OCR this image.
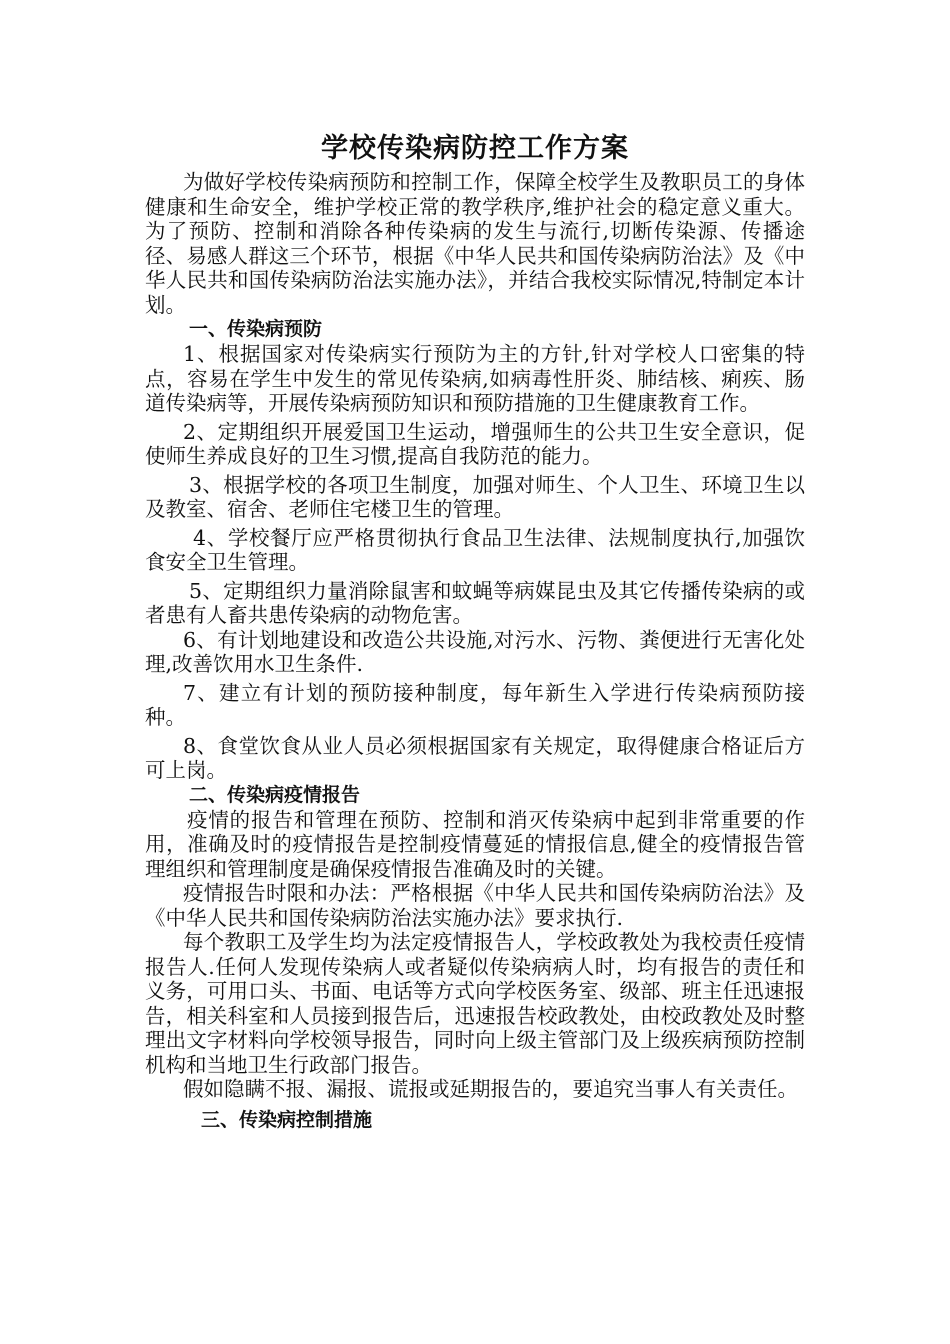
学校传染病防控工作方案

为做好学校传染病预防和控制工作，保障全校学生及教职员工的身体健康和生命安全，维护学校正常的教学秩序,维护社会的稳定意义重大。为了预防、控制和消除各种传染病的发生与流行,切断传染源、传播途径、易感人群这三个环节，根据《中华人民共和国传染病防治法》及《中华人民共和国传染病防治法实施办法》，并结合我校实际情况,特制定本计划。

一、传染病预防

1、根据国家对传染病实行预防为主的方针,针对学校人口密集的特点，容易在学生中发生的常见传染病,如病毒性肝炎、肺结核、痢疾、肠道传染病等，开展传染病预防知识和预防措施的卫生健康教育工作。

2、定期组织开展爱国卫生运动，增强师生的公共卫生安全意识，促使师生养成良好的卫生习惯,提高自我防范的能力。

3、根据学校的各项卫生制度，加强对师生、个人卫生、环境卫生以及教室、宿舍、老师住宅楼卫生的管理。

4、学校餐厅应严格贯彻执行食品卫生法律、法规制度执行,加强饮食安全卫生管理。

5、定期组织力量消除鼠害和蚊蝇等病媒昆虫及其它传播传染病的或者患有人畜共患传染病的动物危害。

6、有计划地建设和改造公共设施,对污水、污物、粪便进行无害化处理,改善饮用水卫生条件.

7、建立有计划的预防接种制度，每年新生入学进行传染病预防接种。

8、食堂饮食从业人员必须根据国家有关规定，取得健康合格证后方可上岗。

二、传染病疫情报告

疫情的报告和管理在预防、控制和消灭传染病中起到非常重要的作用，准确及时的疫情报告是控制疫情蔓延的情报信息,健全的疫情报告管理组织和管理制度是确保疫情报告准确及时的关键。

疫情报告时限和办法：严格根据《中华人民共和国传染病防治法》及《中华人民共和国传染病防治法实施办法》要求执行.

每个教职工及学生均为法定疫情报告人，学校政教处为我校责任疫情报告人.任何人发现传染病人或者疑似传染病病人时，均有报告的责任和义务，可用口头、书面、电话等方式向学校医务室、级部、班主任迅速报告，相关科室和人员接到报告后，迅速报告校政教处，由校政教处及时整理出文字材料向学校领导报告，同时向上级主管部门及上级疾病预防控制机构和当地卫生行政部门报告。

假如隐瞒不报、漏报、谎报或延期报告的，要追究当事人有关责任。

三、传染病控制措施
